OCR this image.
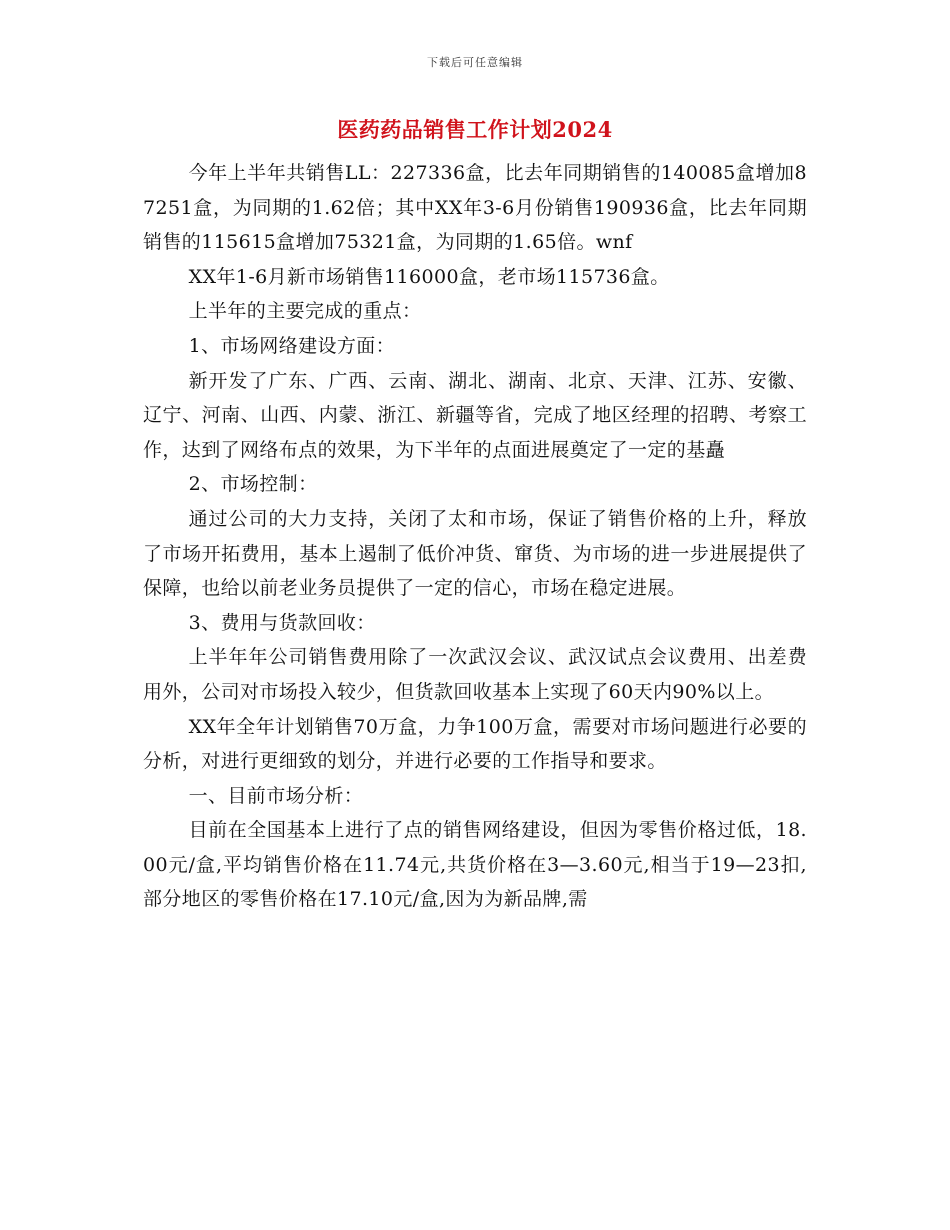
下载后可任意编辑
医药药品销售工作计划2024

今年上半年共销售LL：227336盒，比去年同期销售的140085盒增加87251盒，为同期的1.62倍；其中XX年3-6月份销售190936盒，比去年同期销售的115615盒增加75321盒，为同期的1.65倍。wnf

XX年1-6月新市场销售116000盒，老市场115736盒。

上半年的主要完成的重点：

1、市场网络建设方面：

新开发了广东、广西、云南、湖北、湖南、北京、天津、江苏、安徽、辽宁、河南、山西、内蒙、浙江、新疆等省，完成了地区经理的招聘、考察工作，达到了网络布点的效果，为下半年的点面进展奠定了一定的基矗

2、市场控制：

通过公司的大力支持，关闭了太和市场，保证了销售价格的上升，释放了市场开拓费用，基本上遏制了低价冲货、窜货、为市场的进一步进展提供了保障，也给以前老业务员提供了一定的信心，市场在稳定进展。

3、费用与货款回收：

上半年年公司销售费用除了一次武汉会议、武汉试点会议费用、出差费用外，公司对市场投入较少，但货款回收基本上实现了60天内90%以上。

XX年全年计划销售70万盒，力争100万盒，需要对市场问题进行必要的分析，对进行更细致的划分，并进行必要的工作指导和要求。

一、目前市场分析：

目前在全国基本上进行了点的销售网络建设，但因为零售价格过低，18.00元/盒,平均销售价格在11.74元,共货价格在3—3.60元,相当于19—23扣,部分地区的零售价格在17.10元/盒,因为为新品牌,需
